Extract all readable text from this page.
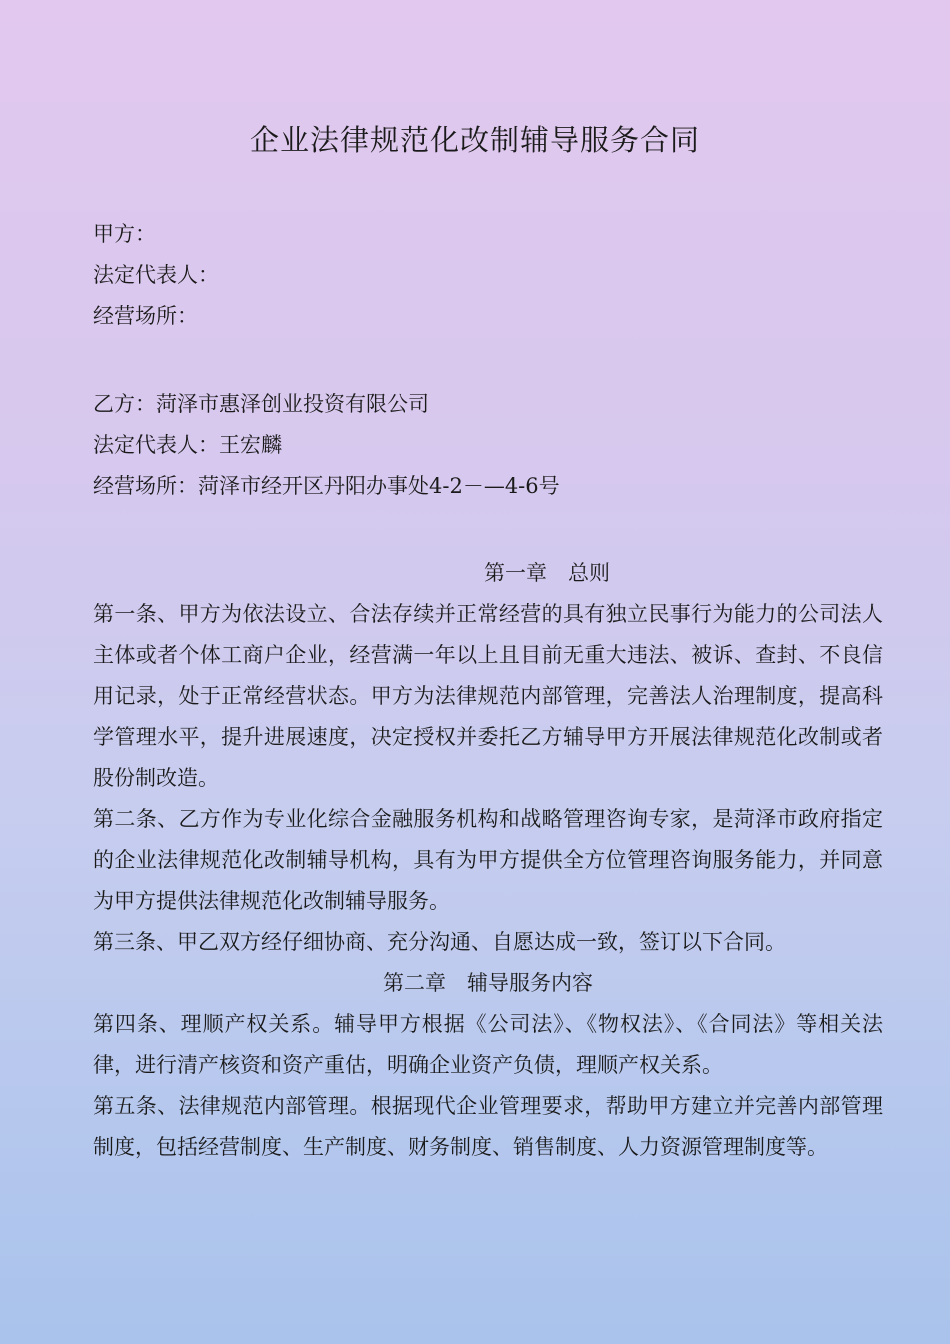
企业法律规范化改制辅导服务合同
甲方：
法定代表人：
经营场所：
乙方：菏泽市惠泽创业投资有限公司
法定代表人：王宏麟
经营场所：菏泽市经开区丹阳办事处4-2－—4-6号
第一章　总则

第一条、甲方为依法设立、合法存续并正常经营的具有独立民事行为能力的公司法人主体或者个体工商户企业，经营满一年以上且目前无重大违法、被诉、查封、不良信用记录，处于正常经营状态。甲方为法律规范内部管理，完善法人治理制度，提高科学管理水平，提升进展速度，决定授权并委托乙方辅导甲方开展法律规范化改制或者股份制改造。

第二条、乙方作为专业化综合金融服务机构和战略管理咨询专家，是菏泽市政府指定的企业法律规范化改制辅导机构，具有为甲方提供全方位管理咨询服务能力，并同意为甲方提供法律规范化改制辅导服务。

第三条、甲乙双方经仔细协商、充分沟通、自愿达成一致，签订以下合同。

第二章　辅导服务内容

第四条、理顺产权关系。辅导甲方根据《公司法》、《物权法》、《合同法》等相关法律，进行清产核资和资产重估，明确企业资产负债，理顺产权关系。

第五条、法律规范内部管理。根据现代企业管理要求，帮助甲方建立并完善内部管理制度，包括经营制度、生产制度、财务制度、销售制度、人力资源管理制度等。
